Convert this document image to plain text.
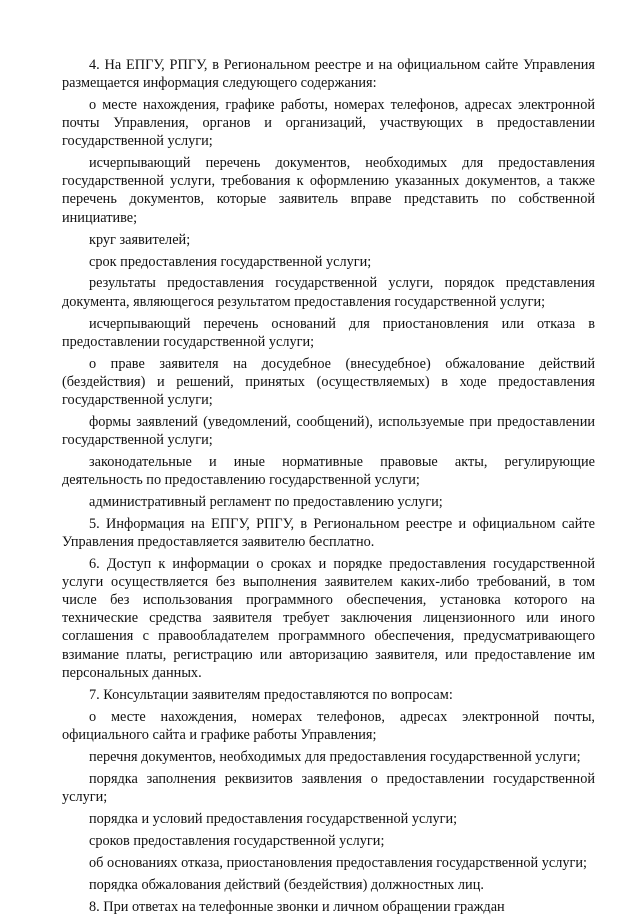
4. На ЕПГУ, РПГУ, в Региональном реестре и на официальном сайте Управления размещается информация следующего содержания:

о месте нахождения, графике работы, номерах телефонов, адресах электронной почты Управления, органов и организаций, участвующих в предоставлении государственной услуги;

исчерпывающий перечень документов, необходимых для предоставления государственной услуги, требования к оформлению указанных документов, а также перечень документов, которые заявитель вправе представить по собственной инициативе;

круг заявителей;

срок предоставления государственной услуги;

результаты предоставления государственной услуги, порядок представления документа, являющегося результатом предоставления государственной услуги;

исчерпывающий перечень оснований для приостановления или отказа в предоставлении государственной услуги;

о праве заявителя на досудебное (внесудебное) обжалование действий (бездействия) и решений, принятых (осуществляемых) в ходе предоставления государственной услуги;

формы заявлений (уведомлений, сообщений), используемые при предоставлении государственной услуги;

законодательные и иные нормативные правовые акты, регулирующие деятельность по предоставлению государственной услуги;

административный регламент по предоставлению услуги;

5. Информация на ЕПГУ, РПГУ, в Региональном реестре и официальном сайте Управления предоставляется заявителю бесплатно.

6. Доступ к информации о сроках и порядке предоставления государственной услуги осуществляется без выполнения заявителем каких-либо требований, в том числе без использования программного обеспечения, установка которого на технические средства заявителя требует заключения лицензионного или иного соглашения с правообладателем программного обеспечения, предусматривающего взимание платы, регистрацию или авторизацию заявителя, или предоставление им персональных данных.

7. Консультации заявителям предоставляются по вопросам:

о месте нахождения, номерах телефонов, адресах электронной почты, официального сайта и графике работы Управления;

перечня документов, необходимых для предоставления государственной услуги;

порядка заполнения реквизитов заявления о предоставлении государственной услуги;

порядка и условий предоставления государственной услуги;

сроков предоставления государственной услуги;

об основаниях отказа, приостановления предоставления государственной услуги;

порядка обжалования действий (бездействия) должностных лиц.

8. При ответах на телефонные звонки и личном обращении граждан
